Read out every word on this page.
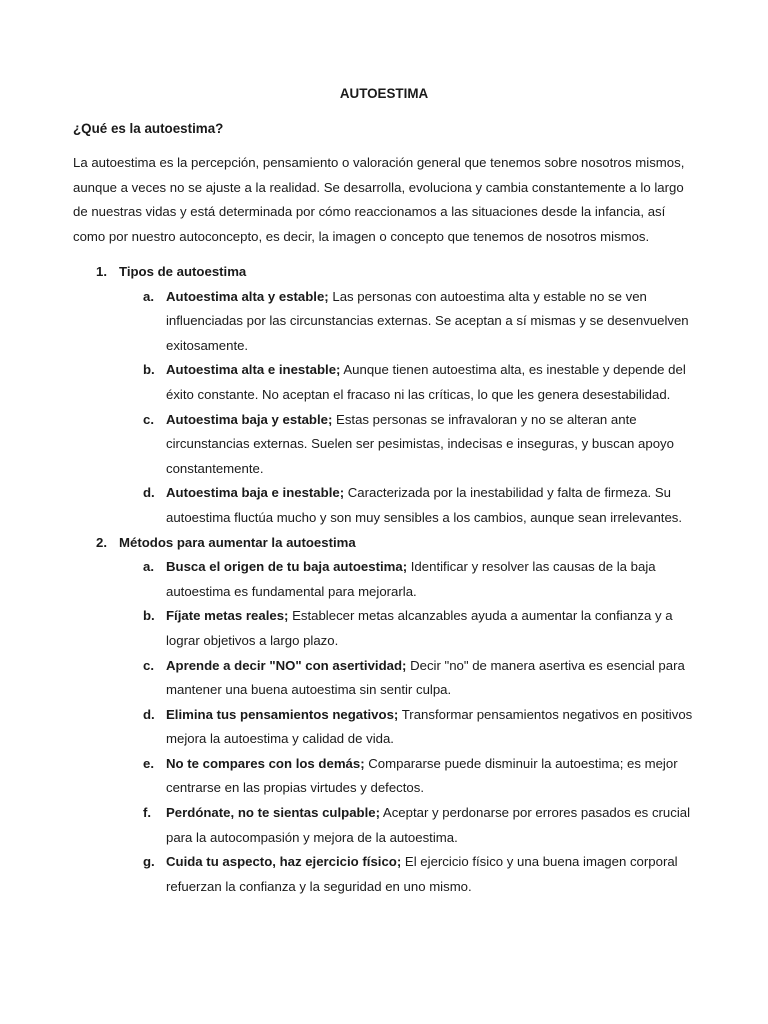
AUTOESTIMA
¿Qué es la autoestima?

La autoestima es la percepción, pensamiento o valoración general que tenemos sobre nosotros mismos, aunque a veces no se ajuste a la realidad. Se desarrolla, evoluciona y cambia constantemente a lo largo de nuestras vidas y está determinada por cómo reaccionamos a las situaciones desde la infancia, así como por nuestro autoconcepto, es decir, la imagen o concepto que tenemos de nosotros mismos.

1. Tipos de autoestima
a. Autoestima alta y estable; Las personas con autoestima alta y estable no se ven influenciadas por las circunstancias externas. Se aceptan a sí mismas y se desenvuelven exitosamente.
b. Autoestima alta e inestable; Aunque tienen autoestima alta, es inestable y depende del éxito constante. No aceptan el fracaso ni las críticas, lo que les genera desestabilidad.
c. Autoestima baja y estable; Estas personas se infravaloran y no se alteran ante circunstancias externas. Suelen ser pesimistas, indecisas e inseguras, y buscan apoyo constantemente.
d. Autoestima baja e inestable; Caracterizada por la inestabilidad y falta de firmeza. Su autoestima fluctúa mucho y son muy sensibles a los cambios, aunque sean irrelevantes.
2. Métodos para aumentar la autoestima
a. Busca el origen de tu baja autoestima; Identificar y resolver las causas de la baja autoestima es fundamental para mejorarla.
b. Fíjate metas reales; Establecer metas alcanzables ayuda a aumentar la confianza y a lograr objetivos a largo plazo.
c. Aprende a decir "NO" con asertividad; Decir "no" de manera asertiva es esencial para mantener una buena autoestima sin sentir culpa.
d. Elimina tus pensamientos negativos; Transformar pensamientos negativos en positivos mejora la autoestima y calidad de vida.
e. No te compares con los demás; Compararse puede disminuir la autoestima; es mejor centrarse en las propias virtudes y defectos.
f. Perdónate, no te sientas culpable; Aceptar y perdonarse por errores pasados es crucial para la autocompasión y mejora de la autoestima.
g. Cuida tu aspecto, haz ejercicio físico; El ejercicio físico y una buena imagen corporal refuerzan la confianza y la seguridad en uno mismo.
